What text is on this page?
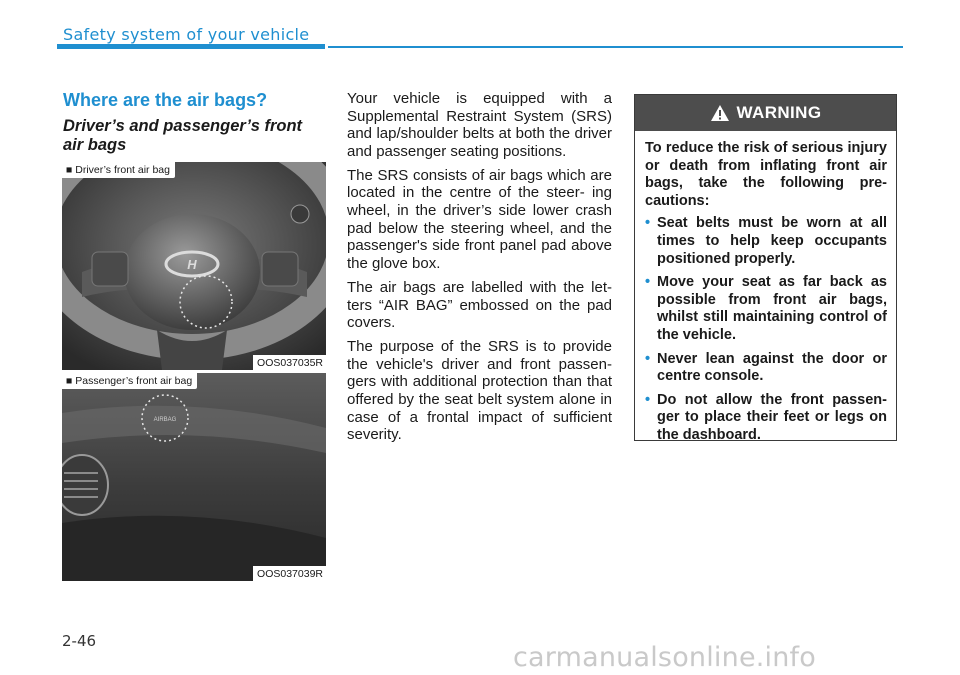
Safety system of your vehicle
Where are the air bags?
Driver’s and passenger’s front air bags
H
■ Driver’s front air bag
OOS037035R
AIRBAG
■ Passenger’s front air bag
OOS037039R

Your vehicle is equipped with a Supplemental Restraint System (SRS) and lap/shoulder belts at both the driver and passenger seating positions.

The SRS consists of air bags which are located in the centre of the steer- ing wheel, in the driver’s side lower crash pad below the steering wheel, and the passenger's side front panel pad above the glove box.

The air bags are labelled with the let- ters “AIR BAG” embossed on the pad covers.

The purpose of the SRS is to provide the vehicle's driver and front passen- gers with additional protection than that offered by the seat belt system alone in case of a frontal impact of sufficient severity.

WARNING

To reduce the risk of serious injury or death from inflating front air bags, take the following pre- cautions:

• Seat belts must be worn at all times to help keep occupants positioned properly.
• Move your seat as far back as possible from front air bags, whilst still maintaining control of the vehicle.
• Never lean against the door or centre console.
• Do not allow the front passen- ger to place their feet or legs on the dashboard.
2-46
carmanualsonline.info
